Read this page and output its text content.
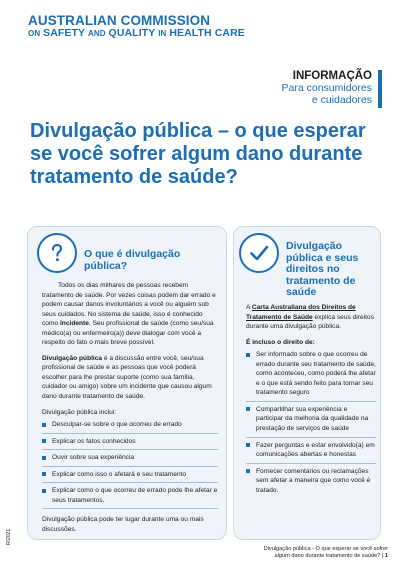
AUSTRALIAN COMMISSION
ON SAFETY AND QUALITY IN HEALTH CARE
INFORMAÇÃO
Para consumidores
e cuidadores
Divulgação pública – o que esperar se você sofrer algum dano durante tratamento de saúde?
O que é divulgação pública?

Todos os dias milhares de pessoas recebem tratamento de saúde. Por vezes coisas podem dar errado e podem causar danos involuntários a você ou alguém sob seus cuidados. No sistema de saúde, isso é conhecido como incidente. Seu profissional de saúde (como seu/sua médico(a) ou enfermeiro(a)) deve dialogar com você a respeito do fato o mais breve possível.

Divulgação pública é a discussão entre você, seu/sua profissional de saúde e as pessoas que você poderá escolher para lhe prestar suporte (como sua família, cuidador ou amigo) sobre um incidente que causou algum dano durante tratamento de saúde.

Divulgação pública inclui:

Desculpar-se sobre o que ocorreu de errado
Explicar os fatos conhecidos
Ouvir sobre sua experiência
Explicar como isso o afetará e seu tratamento
Explicar como o que ocorreu de errado pode lhe afetar e seus tratamentos.

Divulgação pública pode ter lugar durante uma ou mais discussões.

Divulgação pública e seus direitos no tratamento de saúde

A Carta Australiana dos Direitos de Tratamento de Saúde explica seus direitos durante uma divulgação pública.

É incluso o direito de:
Ser informado sobre o que ocorreu de errado durante seu tratamento de saúde, como aconteceu, como poderá lhe afetar e o que está sendo feito para tornar seu tratamento seguro
Compartilhar sua experiência e participar da melhoria da qualidade na prestação de serviços de saúde
Fazer perguntas e estar envolvido(a) em comunicações abertas e honestas
Fornecer comentários ou reclamações sem afetar a maneira que como você é tratado.
R/2021
Divulgação pública - O que esperar se você sofrer
algum dano durante tratamento de saúde? | 1
